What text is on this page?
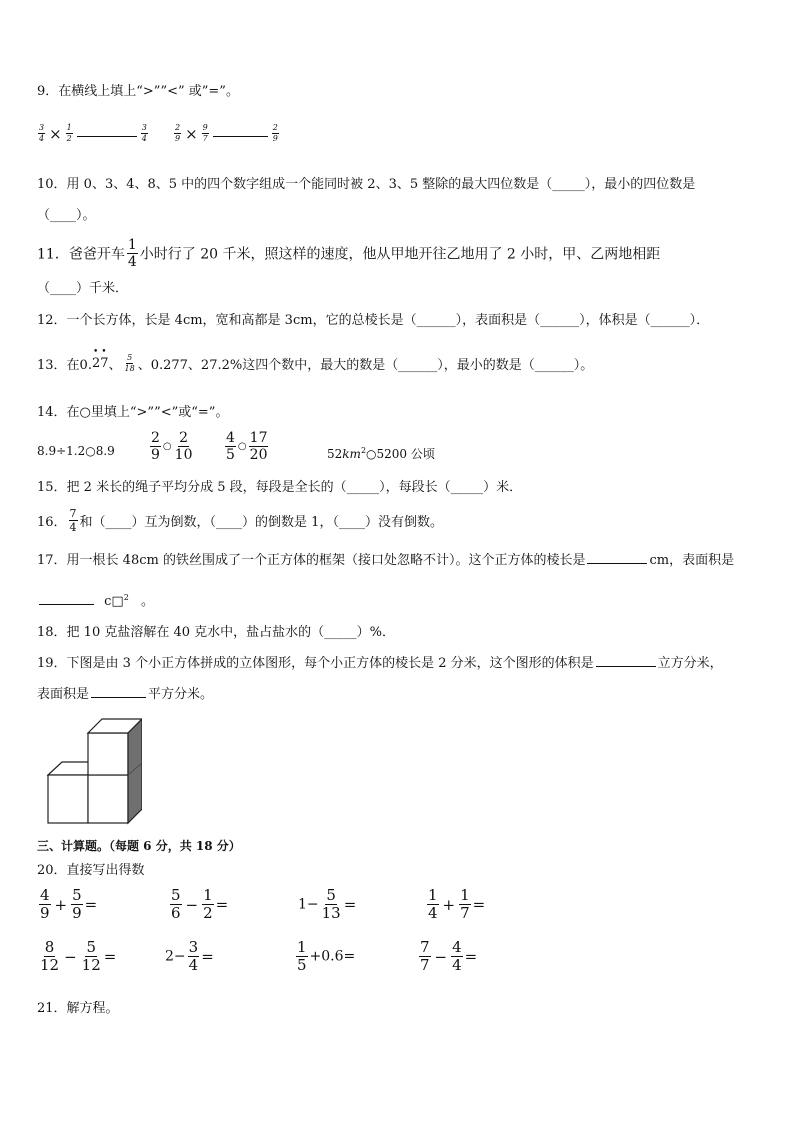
9．在横线上填上“>””<” 或”=”。
$\frac{3}{4} \times \frac{1}{2}$	$\frac{3}{4}$	$\frac{2}{9} \times \frac{9}{7}$	$\frac{2}{9}$
10．用 0、3、4、8、5 中的四个数字组成一个能同时被 2、3、5 整除的最大四位数是（_____），最小的四位数是
（____）。
11．爸爸开车 $\frac{1}{4}$ 小时行了 20 千米，照这样的速度，他从甲地开往乙地用了 2 小时，甲、乙两地相距
（____）千米．
12．一个长方体，长是 4cm，宽和高都是 3cm，它的总棱长是（______），表面积是（______），体积是（______）．
13．在0.• 2• 7、 $\frac{5}{18}$ 、0.277、27.2%这四个数中，最大的数是（______），最小的数是（______）。
14．在○里填上“>””<”或“=”。
8.9÷1.2○8.9	$\frac{2}{9}$ ○ $\frac{2}{10} \frac{4}{5}$ ○ $\frac{17}{20}$	$52km^2○5200$ 公顷
15．把 2 米长的绳子平均分成 5 段，每段是全长的（_____），每段长（_____）米．
16． $\frac{7}{4}$ 和（____）互为倒数，（____）的倒数是 1，（____）没有倒数。
17．用一根长 48cm 的铁丝围成了一个正方体的框架（接口处忽略不计）。这个正方体的棱长是	cm，表面积是
c□$^2$ 。
18．把 10 克盐溶解在 40 克水中，盐占盐水的（_____）%．
19．下图是由 3 个小正方体拼成的立体图形，每个小正方体的棱长是 2 分米，这个图形的体积是	立方分米，
表面积是	平方分米。
三、计算题。（每题 6 分，共 18 分）
20．直接写出得数
$\frac{4}{9} + \frac{5}{9}$ =	$\frac{5}{6} - \frac{1}{2}$ =	$1- \frac{5}{13}$ =	$\frac{1}{4} + \frac{1}{7}$ =
$\frac{8}{12} - \frac{5}{12}$ =	$2- \frac{3}{4}$ =	$\frac{1}{5} +0.6=$	$\frac{7}{7} - \frac{4}{4}$ =
21．解方程。
